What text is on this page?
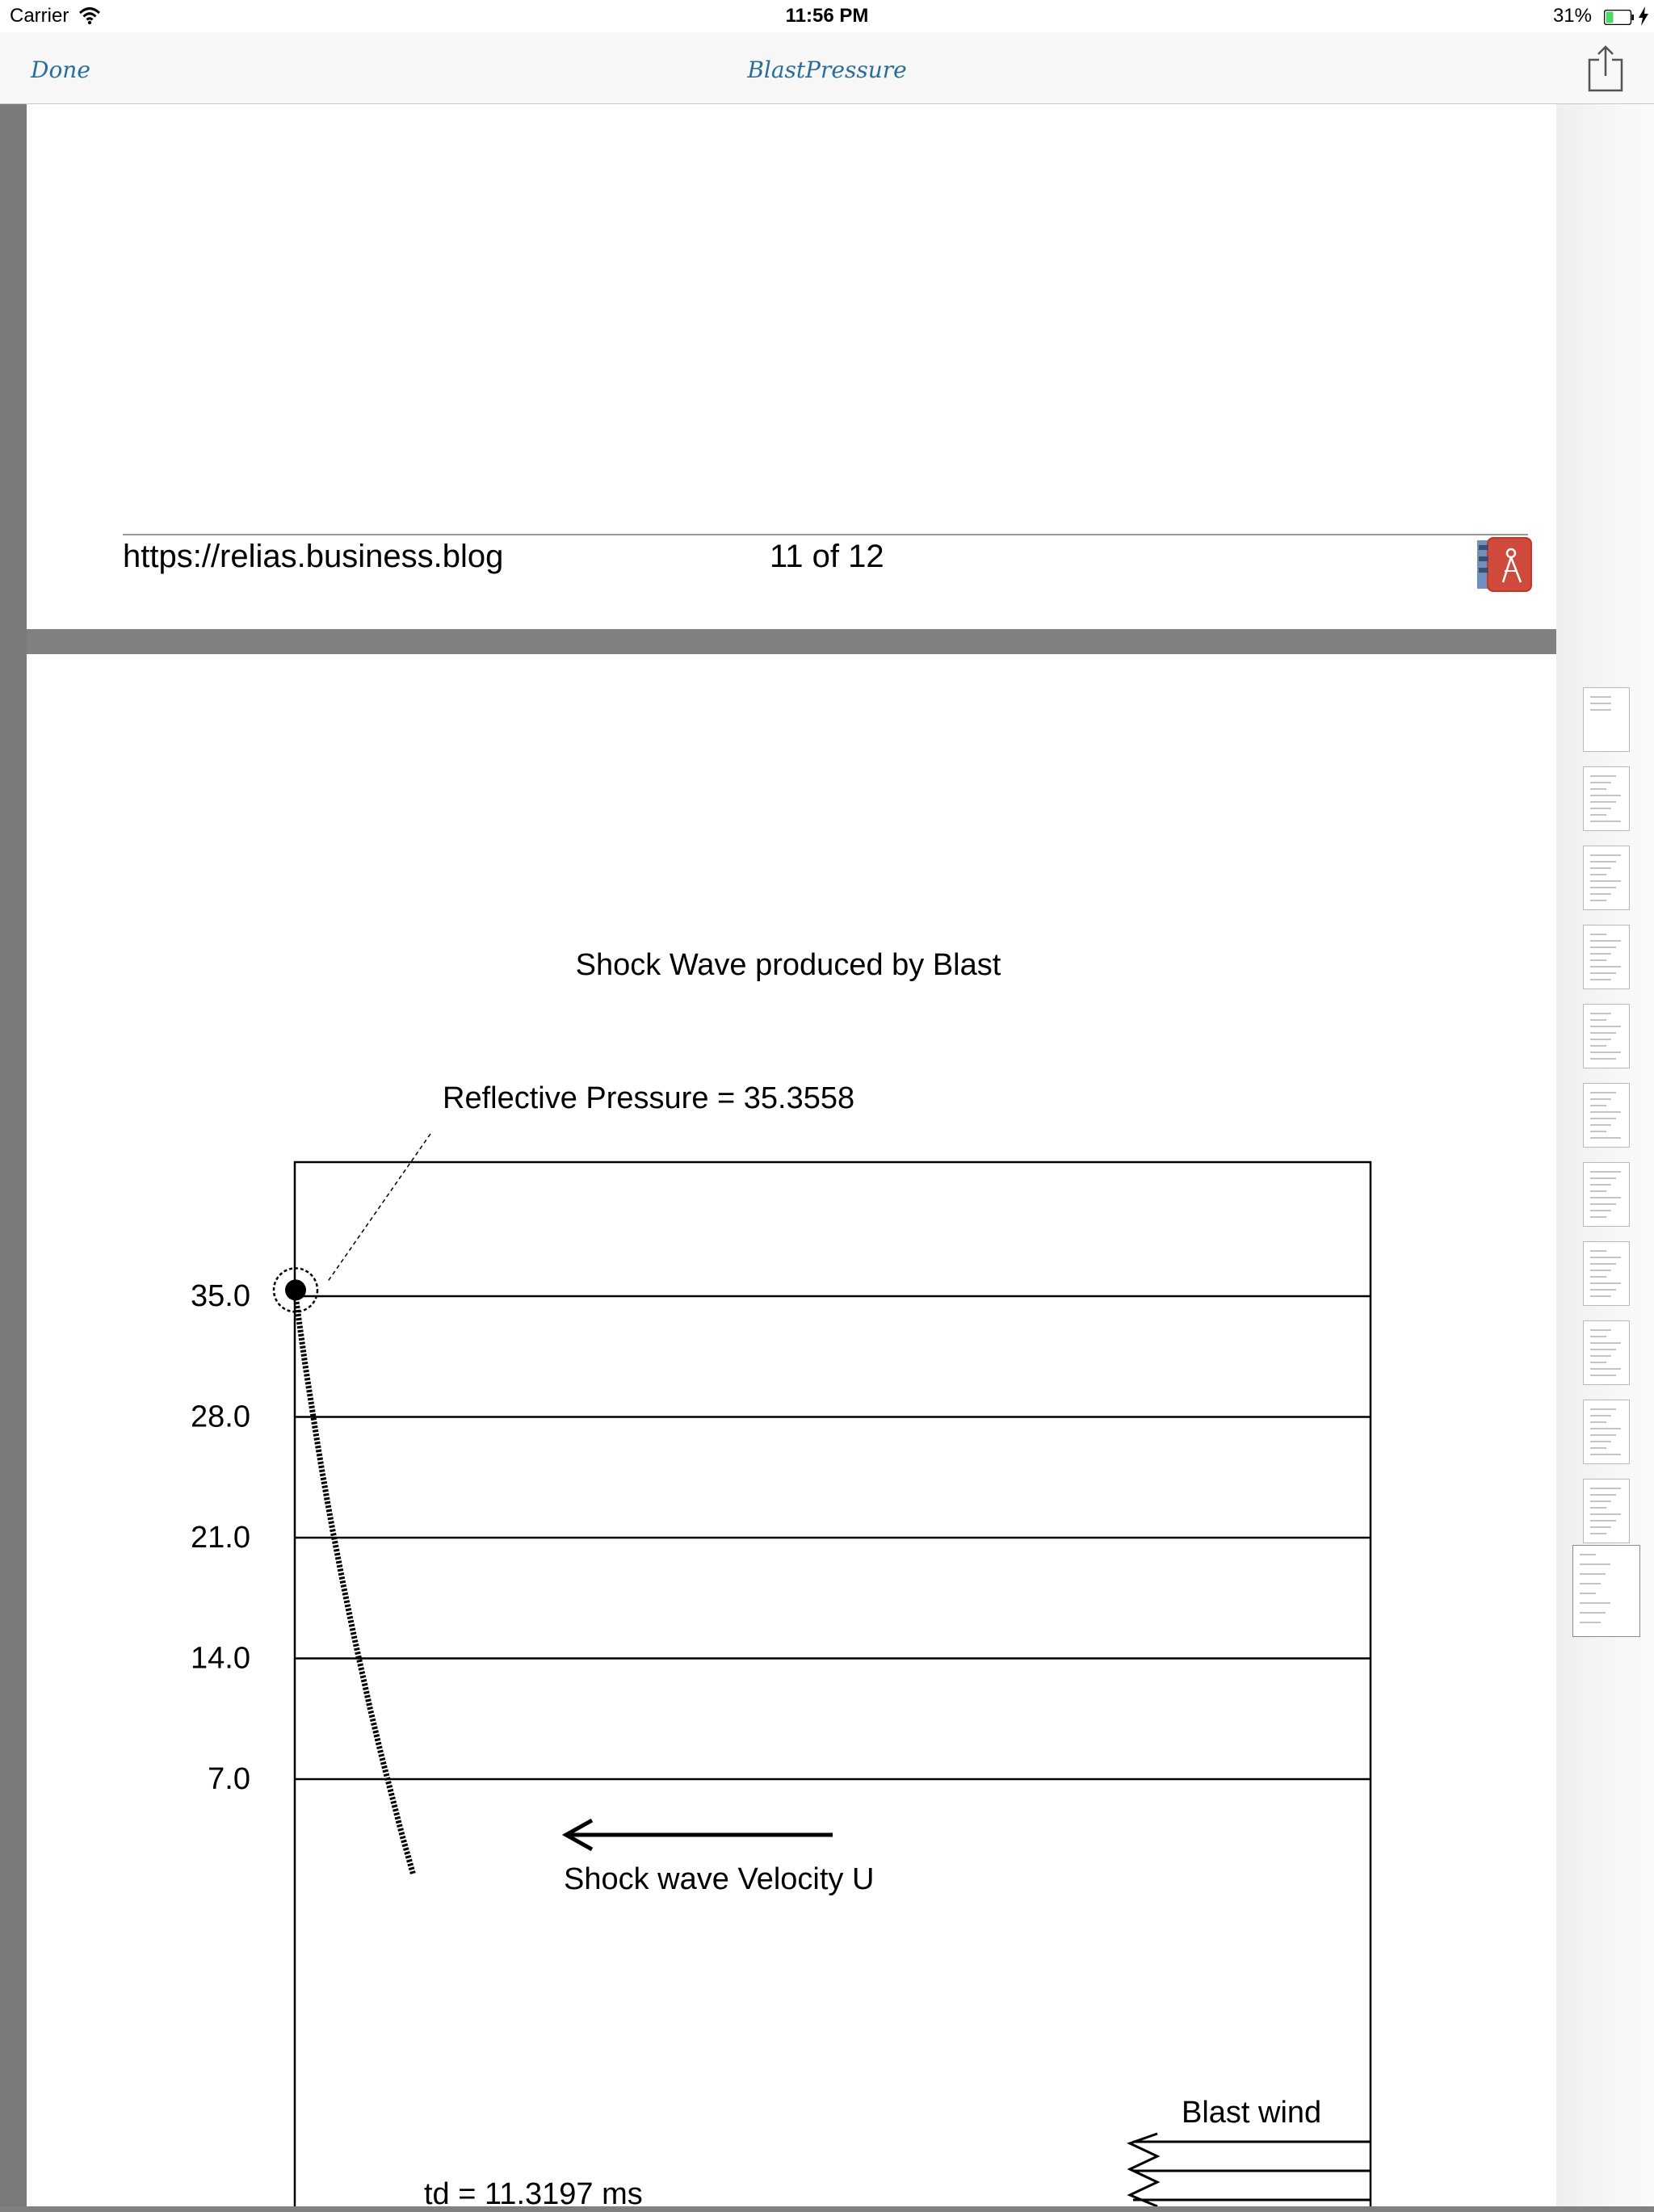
Carrier	11:56 PM	31%
Done	BlastPressure
https://relias.business.blog	11 of 12
Shock Wave produced by Blast
Reflective Pressure = 35.3558
35.0
28.0
21.0
14.0
7.0
Shock wave Velocity U
Blast wind
td = 11.3197 ms
